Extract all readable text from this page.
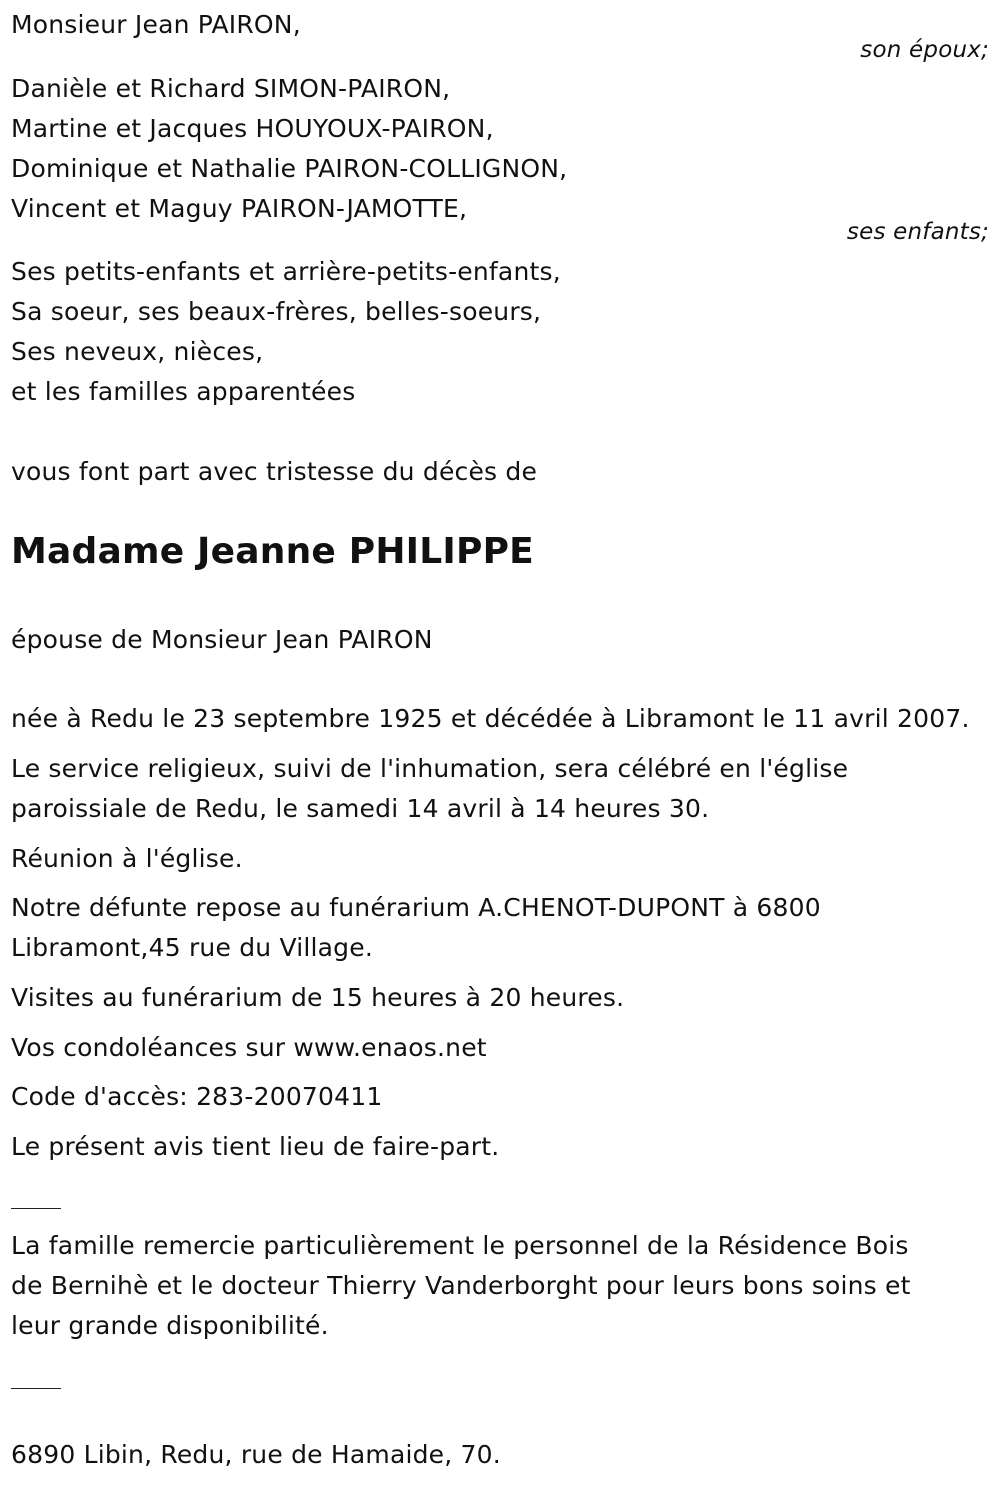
Monsieur Jean PAIRON,
son époux;
Danièle et Richard SIMON-PAIRON,
Martine et Jacques HOUYOUX-PAIRON,
Dominique et Nathalie PAIRON-COLLIGNON,
Vincent et Maguy PAIRON-JAMOTTE,
ses enfants;
Ses petits-enfants et arrière-petits-enfants,
Sa soeur, ses beaux-frères, belles-soeurs,
Ses neveux, nièces,
et les familles apparentées
vous font part avec tristesse du décès de
Madame Jeanne PHILIPPE
épouse de Monsieur Jean PAIRON
née à Redu le 23 septembre 1925 et décédée à Libramont le 11 avril 2007.
Le service religieux, suivi de l'inhumation, sera célébré en l'église
paroissiale de Redu, le samedi 14 avril à 14 heures 30.
Réunion à l'église.
Notre défunte repose au funérarium A.CHENOT-DUPONT à 6800
Libramont,45 rue du Village.
Visites au funérarium de 15 heures à 20 heures.
Vos condoléances sur www.enaos.net
Code d'accès: 283-20070411
Le présent avis tient lieu de faire-part.
La famille remercie particulièrement le personnel de la Résidence Bois
de Bernihè et le docteur Thierry Vanderborght pour leurs bons soins et
leur grande disponibilité.
6890 Libin, Redu, rue de Hamaide, 70.
